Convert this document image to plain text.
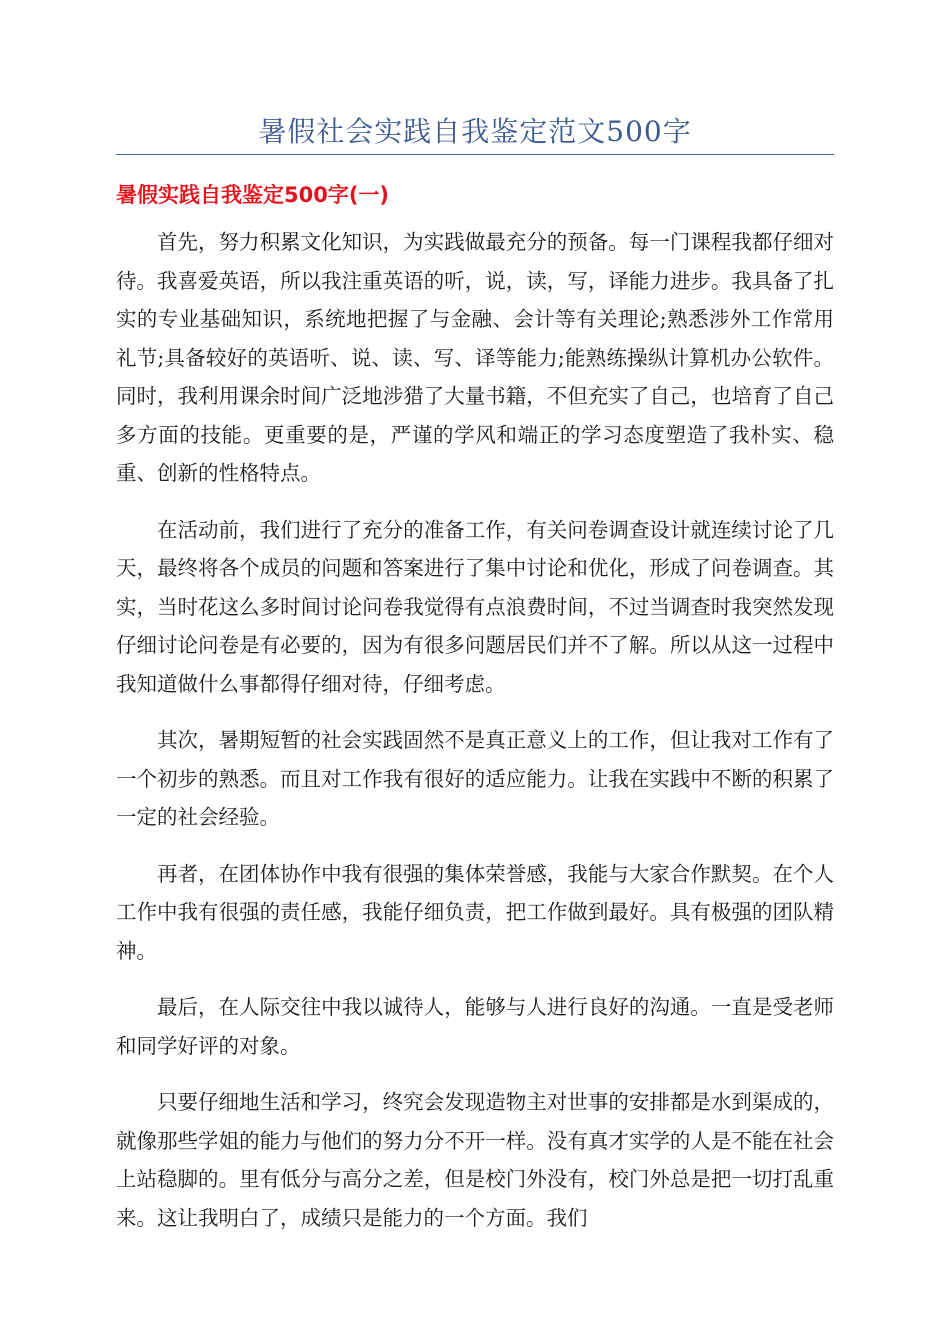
暑假社会实践自我鉴定范文500字
暑假实践自我鉴定500字(一)

首先，努力积累文化知识，为实践做最充分的预备。每一门课程我都仔细对待。我喜爱英语，所以我注重英语的听，说，读，写，译能力进步。我具备了扎实的专业基础知识，系统地把握了与金融、会计等有关理论;熟悉涉外工作常用礼节;具备较好的英语听、说、读、写、译等能力;能熟练操纵计算机办公软件。同时，我利用课余时间广泛地涉猎了大量书籍，不但充实了自己，也培育了自己多方面的技能。更重要的是，严谨的学风和端正的学习态度塑造了我朴实、稳重、创新的性格特点。

在活动前，我们进行了充分的准备工作，有关问卷调查设计就连续讨论了几天，最终将各个成员的问题和答案进行了集中讨论和优化，形成了问卷调查。其实，当时花这么多时间讨论问卷我觉得有点浪费时间，不过当调查时我突然发现仔细讨论问卷是有必要的，因为有很多问题居民们并不了解。所以从这一过程中我知道做什么事都得仔细对待，仔细考虑。

其次，暑期短暂的社会实践固然不是真正意义上的工作，但让我对工作有了一个初步的熟悉。而且对工作我有很好的适应能力。让我在实践中不断的积累了一定的社会经验。

再者，在团体协作中我有很强的集体荣誉感，我能与大家合作默契。在个人工作中我有很强的责任感，我能仔细负责，把工作做到最好。具有极强的团队精神。

最后，在人际交往中我以诚待人，能够与人进行良好的沟通。一直是受老师和同学好评的对象。

只要仔细地生活和学习，终究会发现造物主对世事的安排都是水到渠成的，就像那些学姐的能力与他们的努力分不开一样。没有真才实学的人是不能在社会上站稳脚的。里有低分与高分之差，但是校门外没有，校门外总是把一切打乱重来。这让我明白了，成绩只是能力的一个方面。我们
